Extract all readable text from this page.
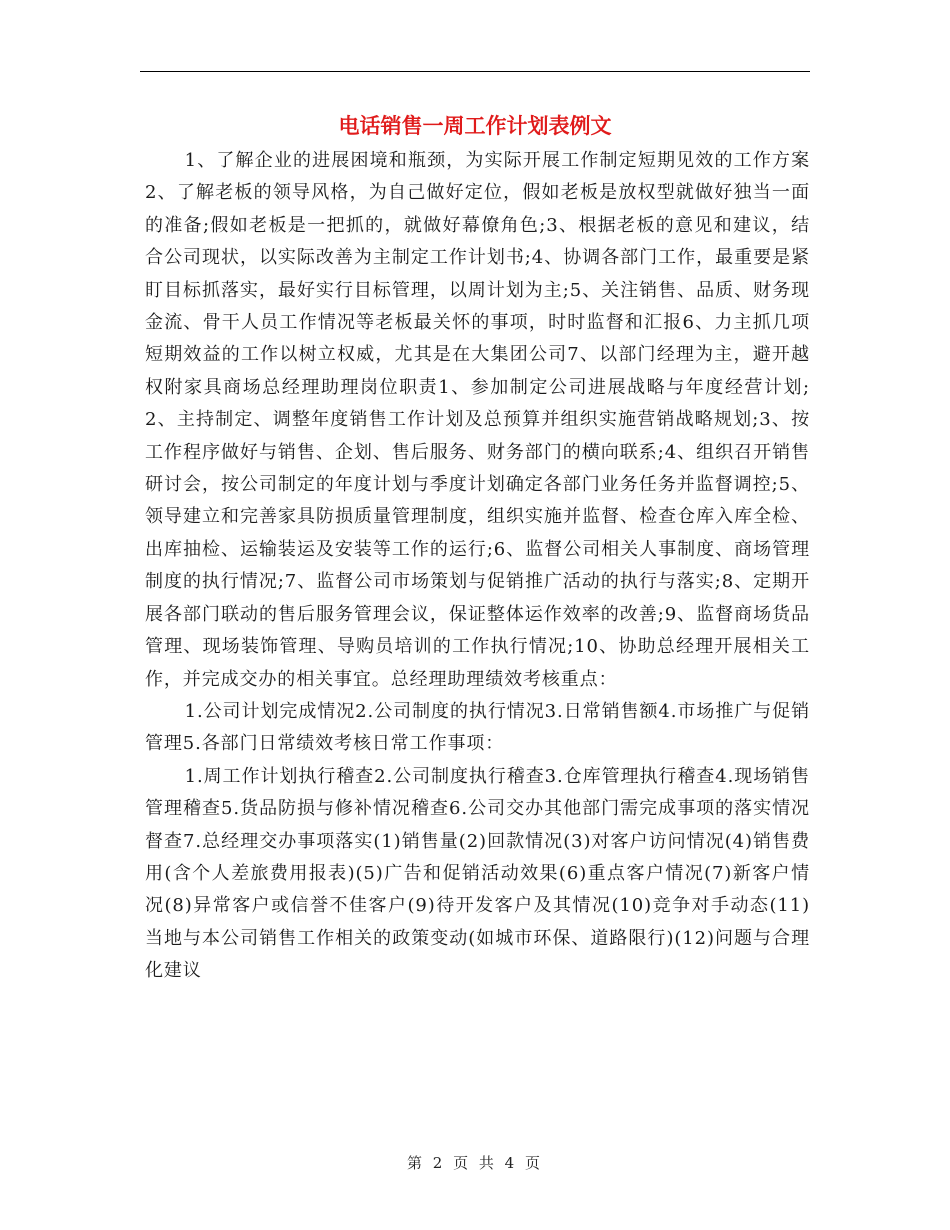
电话销售一周工作计划表例文

1、了解企业的进展困境和瓶颈，为实际开展工作制定短期见效的工作方案2、了解老板的领导风格，为自己做好定位，假如老板是放权型就做好独当一面的准备;假如老板是一把抓的，就做好幕僚角色;3、根据老板的意见和建议，结合公司现状，以实际改善为主制定工作计划书;4、协调各部门工作，最重要是紧盯目标抓落实，最好实行目标管理，以周计划为主;5、关注销售、品质、财务现金流、骨干人员工作情况等老板最关怀的事项，时时监督和汇报6、力主抓几项短期效益的工作以树立权威，尤其是在大集团公司7、以部门经理为主，避开越权附家具商场总经理助理岗位职责1、参加制定公司进展战略与年度经营计划;2、主持制定、调整年度销售工作计划及总预算并组织实施营销战略规划;3、按工作程序做好与销售、企划、售后服务、财务部门的横向联系;4、组织召开销售研讨会，按公司制定的年度计划与季度计划确定各部门业务任务并监督调控;5、领导建立和完善家具防损质量管理制度，组织实施并监督、检查仓库入库全检、出库抽检、运输装运及安装等工作的运行;6、监督公司相关人事制度、商场管理制度的执行情况;7、监督公司市场策划与促销推广活动的执行与落实;8、定期开展各部门联动的售后服务管理会议，保证整体运作效率的改善;9、监督商场货品管理、现场装饰管理、导购员培训的工作执行情况;10、协助总经理开展相关工作，并完成交办的相关事宜。总经理助理绩效考核重点：

1.公司计划完成情况2.公司制度的执行情况3.日常销售额4.市场推广与促销管理5.各部门日常绩效考核日常工作事项：

1.周工作计划执行稽查2.公司制度执行稽查3.仓库管理执行稽查4.现场销售管理稽查5.货品防损与修补情况稽查6.公司交办其他部门需完成事项的落实情况督查7.总经理交办事项落实(1)销售量(2)回款情况(3)对客户访问情况(4)销售费用(含个人差旅费用报表)(5)广告和促销活动效果(6)重点客户情况(7)新客户情况(8)异常客户或信誉不佳客户(9)待开发客户及其情况(10)竞争对手动态(11)当地与本公司销售工作相关的政策变动(如城市环保、道路限行)(12)问题与合理化建议

第 2 页 共 4 页
